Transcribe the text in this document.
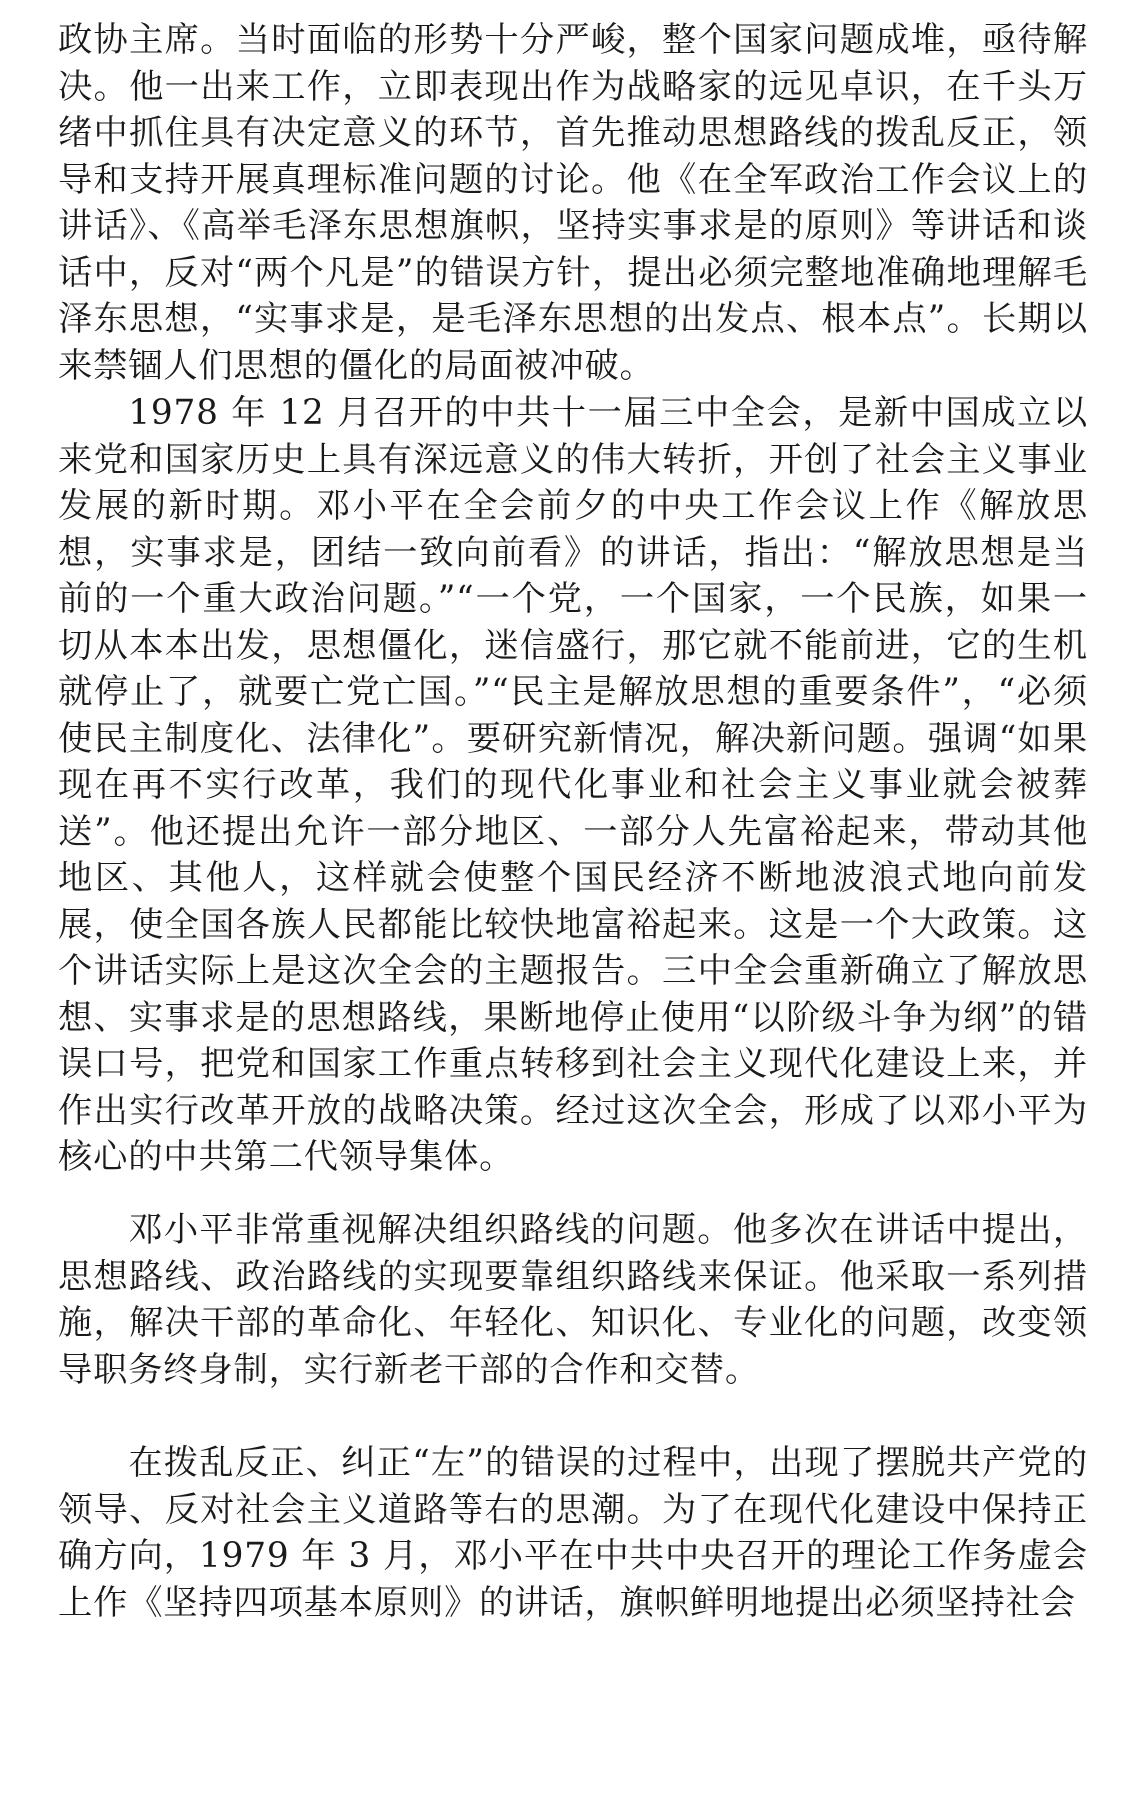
政协主席。当时面临的形势十分严峻，整个国家问题成堆，亟待解决。他一出来工作，立即表现出作为战略家的远见卓识，在千头万绪中抓住具有决定意义的环节，首先推动思想路线的拨乱反正，领导和支持开展真理标准问题的讨论。他《在全军政治工作会议上的讲话》、《高举毛泽东思想旗帜，坚持实事求是的原则》等讲话和谈话中，反对“两个凡是”的错误方针，提出必须完整地准确地理解毛泽东思想，“实事求是，是毛泽东思想的出发点、根本点”。长期以来禁锢人们思想的僵化的局面被冲破。

1978 年 12 月召开的中共十一届三中全会，是新中国成立以来党和国家历史上具有深远意义的伟大转折，开创了社会主义事业发展的新时期。邓小平在全会前夕的中央工作会议上作《解放思想，实事求是，团结一致向前看》的讲话，指出：“解放思想是当前的一个重大政治问题。”“一个党，一个国家，一个民族，如果一切从本本出发，思想僵化，迷信盛行，那它就不能前进，它的生机就停止了，就要亡党亡国。”“民主是解放思想的重要条件”，“必须使民主制度化、法律化”。要研究新情况，解决新问题。强调“如果现在再不实行改革，我们的现代化事业和社会主义事业就会被葬送”。他还提出允许一部分地区、一部分人先富裕起来，带动其他地区、其他人，这样就会使整个国民经济不断地波浪式地向前发展，使全国各族人民都能比较快地富裕起来。这是一个大政策。这个讲话实际上是这次全会的主题报告。三中全会重新确立了解放思想、实事求是的思想路线，果断地停止使用“以阶级斗争为纲”的错误口号，把党和国家工作重点转移到社会主义现代化建设上来，并作出实行改革开放的战略决策。经过这次全会，形成了以邓小平为核心的中共第二代领导集体。

邓小平非常重视解决组织路线的问题。他多次在讲话中提出，思想路线、政治路线的实现要靠组织路线来保证。他采取一系列措施，解决干部的革命化、年轻化、知识化、专业化的问题，改变领导职务终身制，实行新老干部的合作和交替。

在拨乱反正、纠正“左”的错误的过程中，出现了摆脱共产党的领导、反对社会主义道路等右的思潮。为了在现代化建设中保持正确方向，1979 年 3 月，邓小平在中共中央召开的理论工作务虚会上作《坚持四项基本原则》的讲话，旗帜鲜明地提出必须坚持社会
